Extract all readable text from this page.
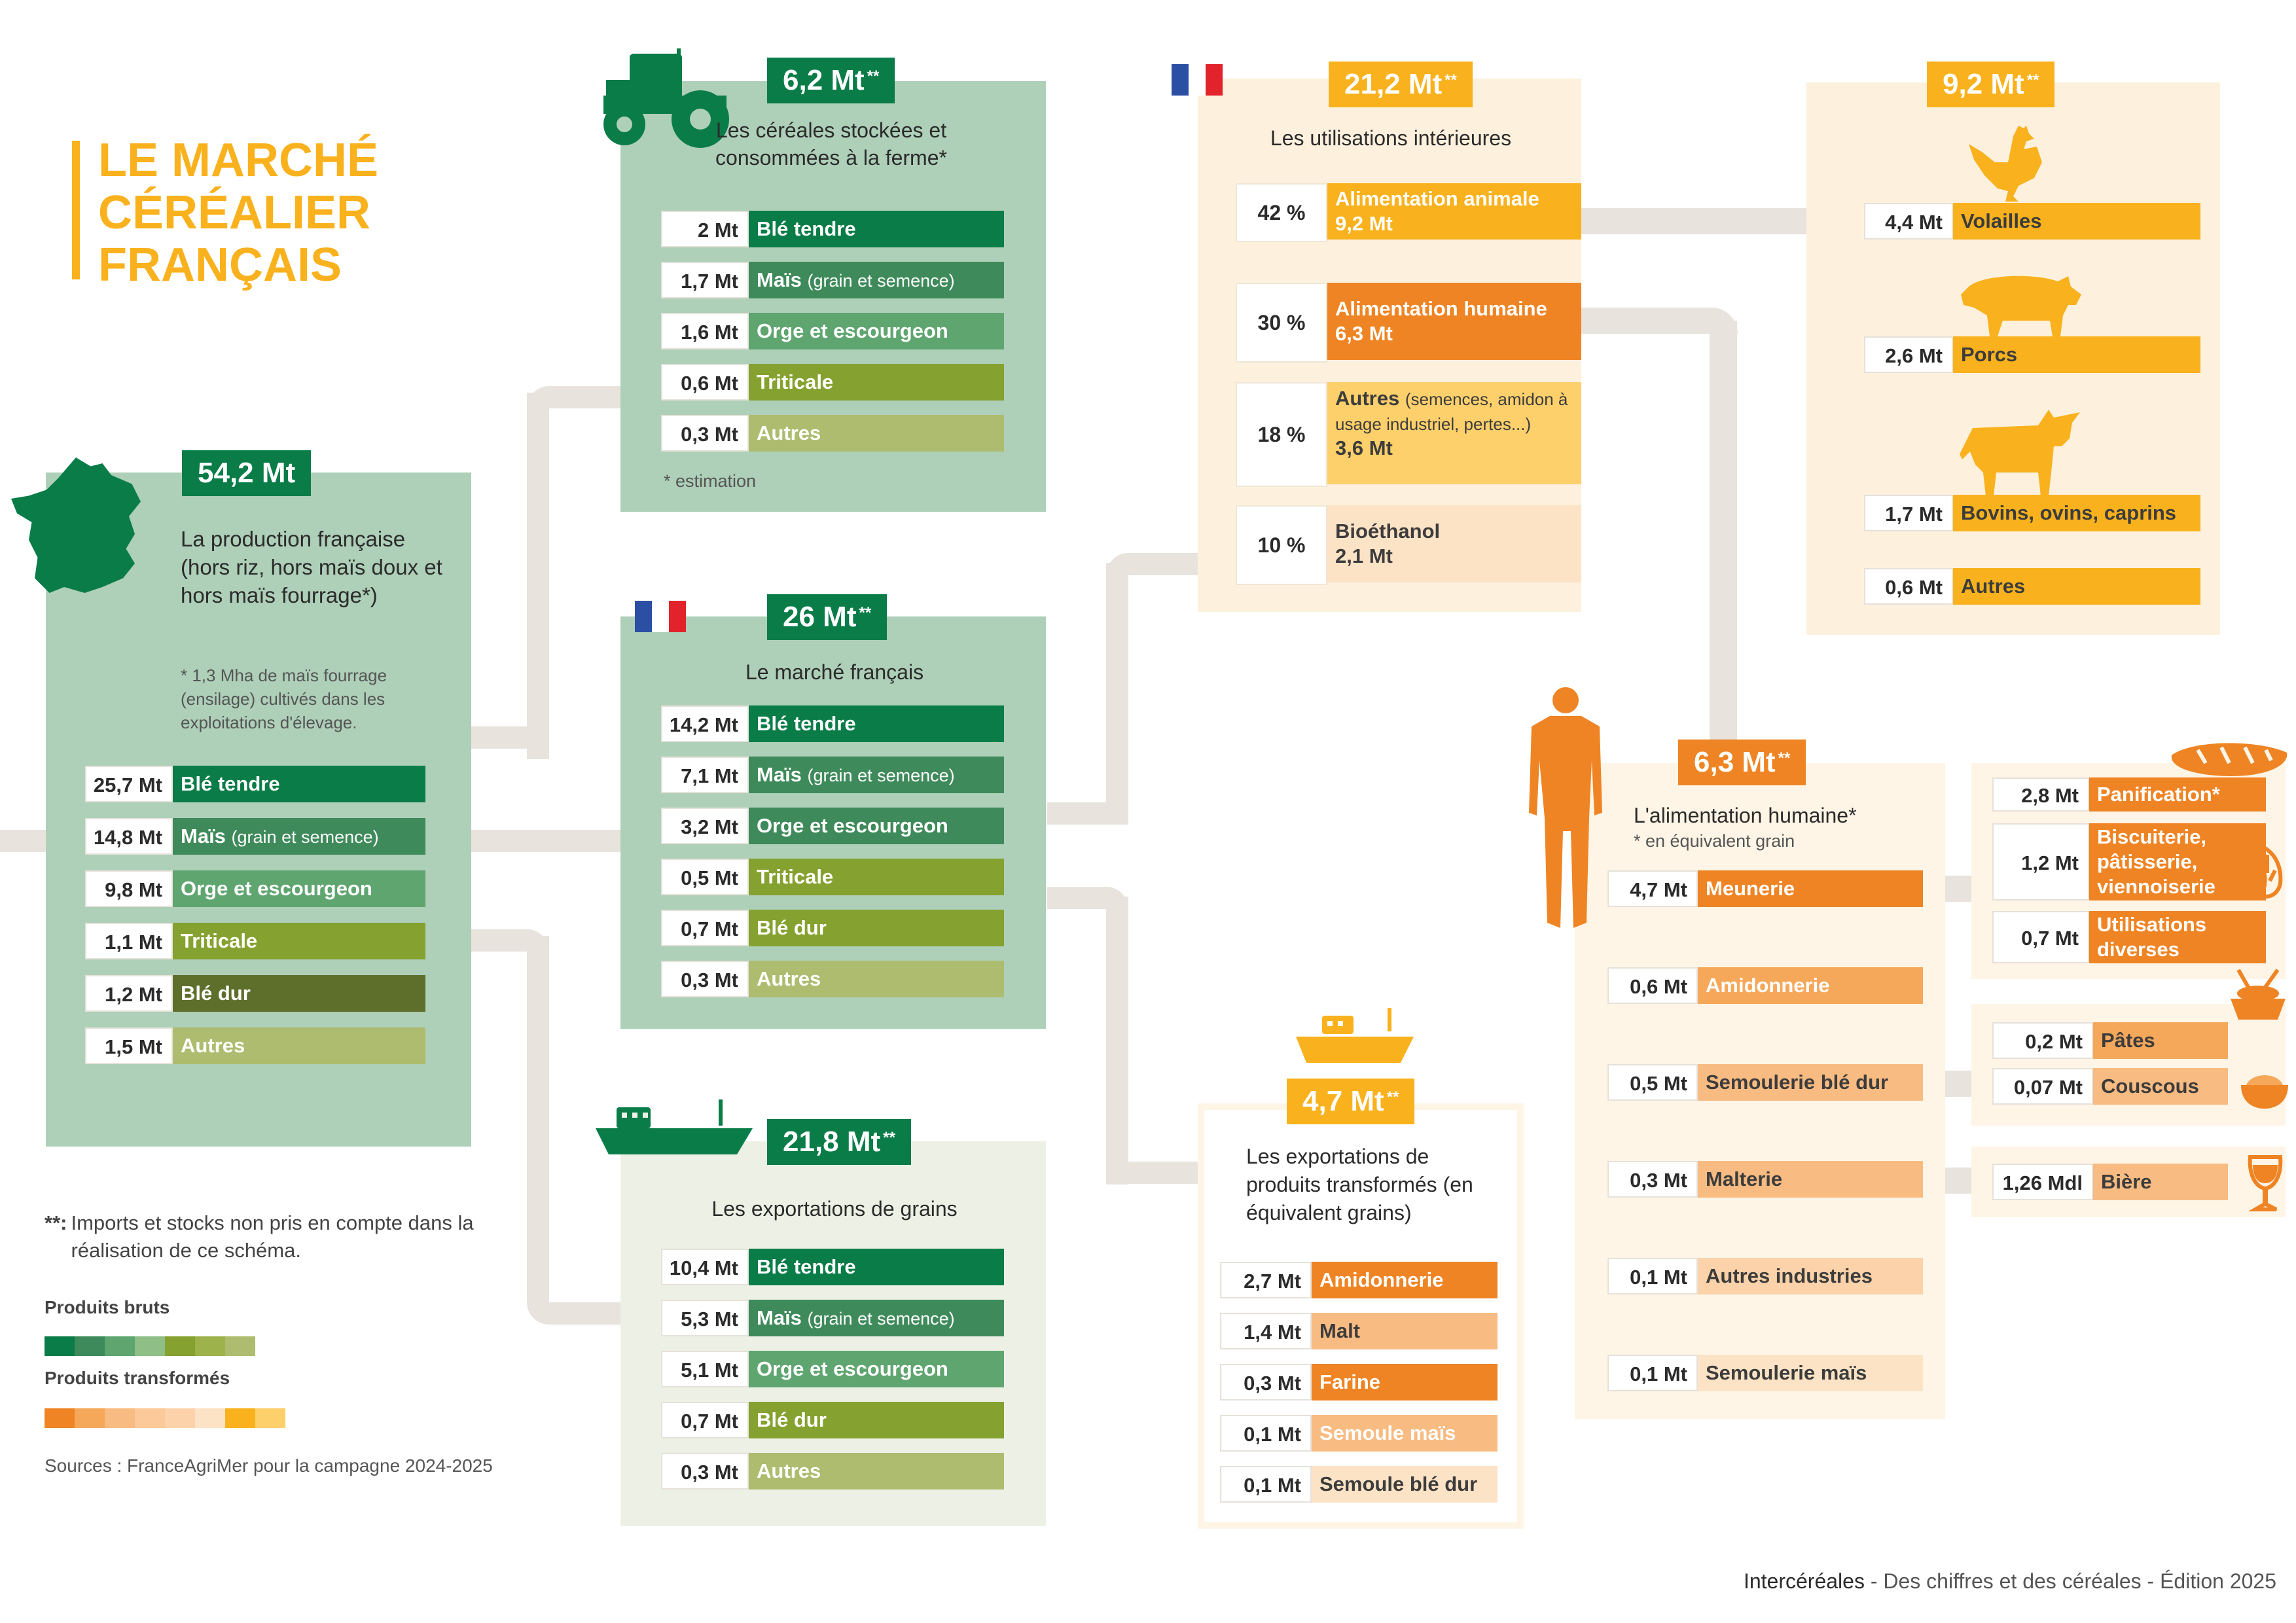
LE MARCHÉ
CÉRÉALIER
FRANÇAIS
54,2 Mt
La production française (hors riz, hors maïs doux et hors maïs fourrage*)
* 1,3 Mha de maïs fourrage (ensilage) cultivés dans les exploitations d'élevage.
25,7 Mt Blé tendre
14,8 Mt Maïs (grain et semence)
9,8 Mt Orge et escourgeon
1,1 Mt Triticale
1,2 Mt Blé dur
1,5 Mt Autres
6,2 Mt **
Les céréales stockées et consommées à la ferme*
2 Mt Blé tendre
1,7 Mt Maïs (grain et semence)
1,6 Mt Orge et escourgeon
0,6 Mt Triticale
0,3 Mt Autres
* estimation
26 Mt **
Le marché français
14,2 Mt Blé tendre
7,1 Mt Maïs (grain et semence)
3,2 Mt Orge et escourgeon
0,5 Mt Triticale
0,7 Mt Blé dur
0,3 Mt Autres
21,8 Mt **
Les exportations de grains
10,4 Mt Blé tendre
5,3 Mt Maïs (grain et semence)
5,1 Mt Orge et escourgeon
0,7 Mt Blé dur
0,3 Mt Autres
21,2 Mt **
Les utilisations intérieures
42 %
Alimentation animale
9,2 Mt
30 %
Alimentation humaine
6,3 Mt
18 %
Autres (semences, amidon à usage industriel, pertes...)
3,6 Mt
10 %
Bioéthanol
2,1 Mt
9,2 Mt **
4,4 Mt Volailles
2,6 Mt Porcs
1,7 Mt Bovins, ovins, caprins
0,6 Mt Autres
6,3 Mt **
L'alimentation humaine*
* en équivalent grain
4,7 Mt Meunerie
0,6 Mt Amidonnerie
0,5 Mt Semoulerie blé dur
0,3 Mt Malterie
0,1 Mt Autres industries
0,1 Mt Semoulerie maïs
2,8 Mt Panification*
1,2 Mt
Biscuiterie, pâtisserie, viennoiserie
0,7 Mt
Utilisations diverses
0,2 Mt Pâtes
0,07 Mt Couscous
1,26 Mdl Bière
4,7 Mt **
Les exportations de produits transformés (en équivalent grains)
2,7 Mt Amidonnerie
1,4 Mt Malt
0,3 Mt Farine
0,1 Mt Semoule maïs
0,1 Mt Semoule blé dur
**: Imports et stocks non pris en compte dans la réalisation de ce schéma.
Produits bruts
Produits transformés
Sources : FranceAgriMer pour la campagne 2024-2025
Intercéréales - Des chiffres et des céréales - Édition 2025
